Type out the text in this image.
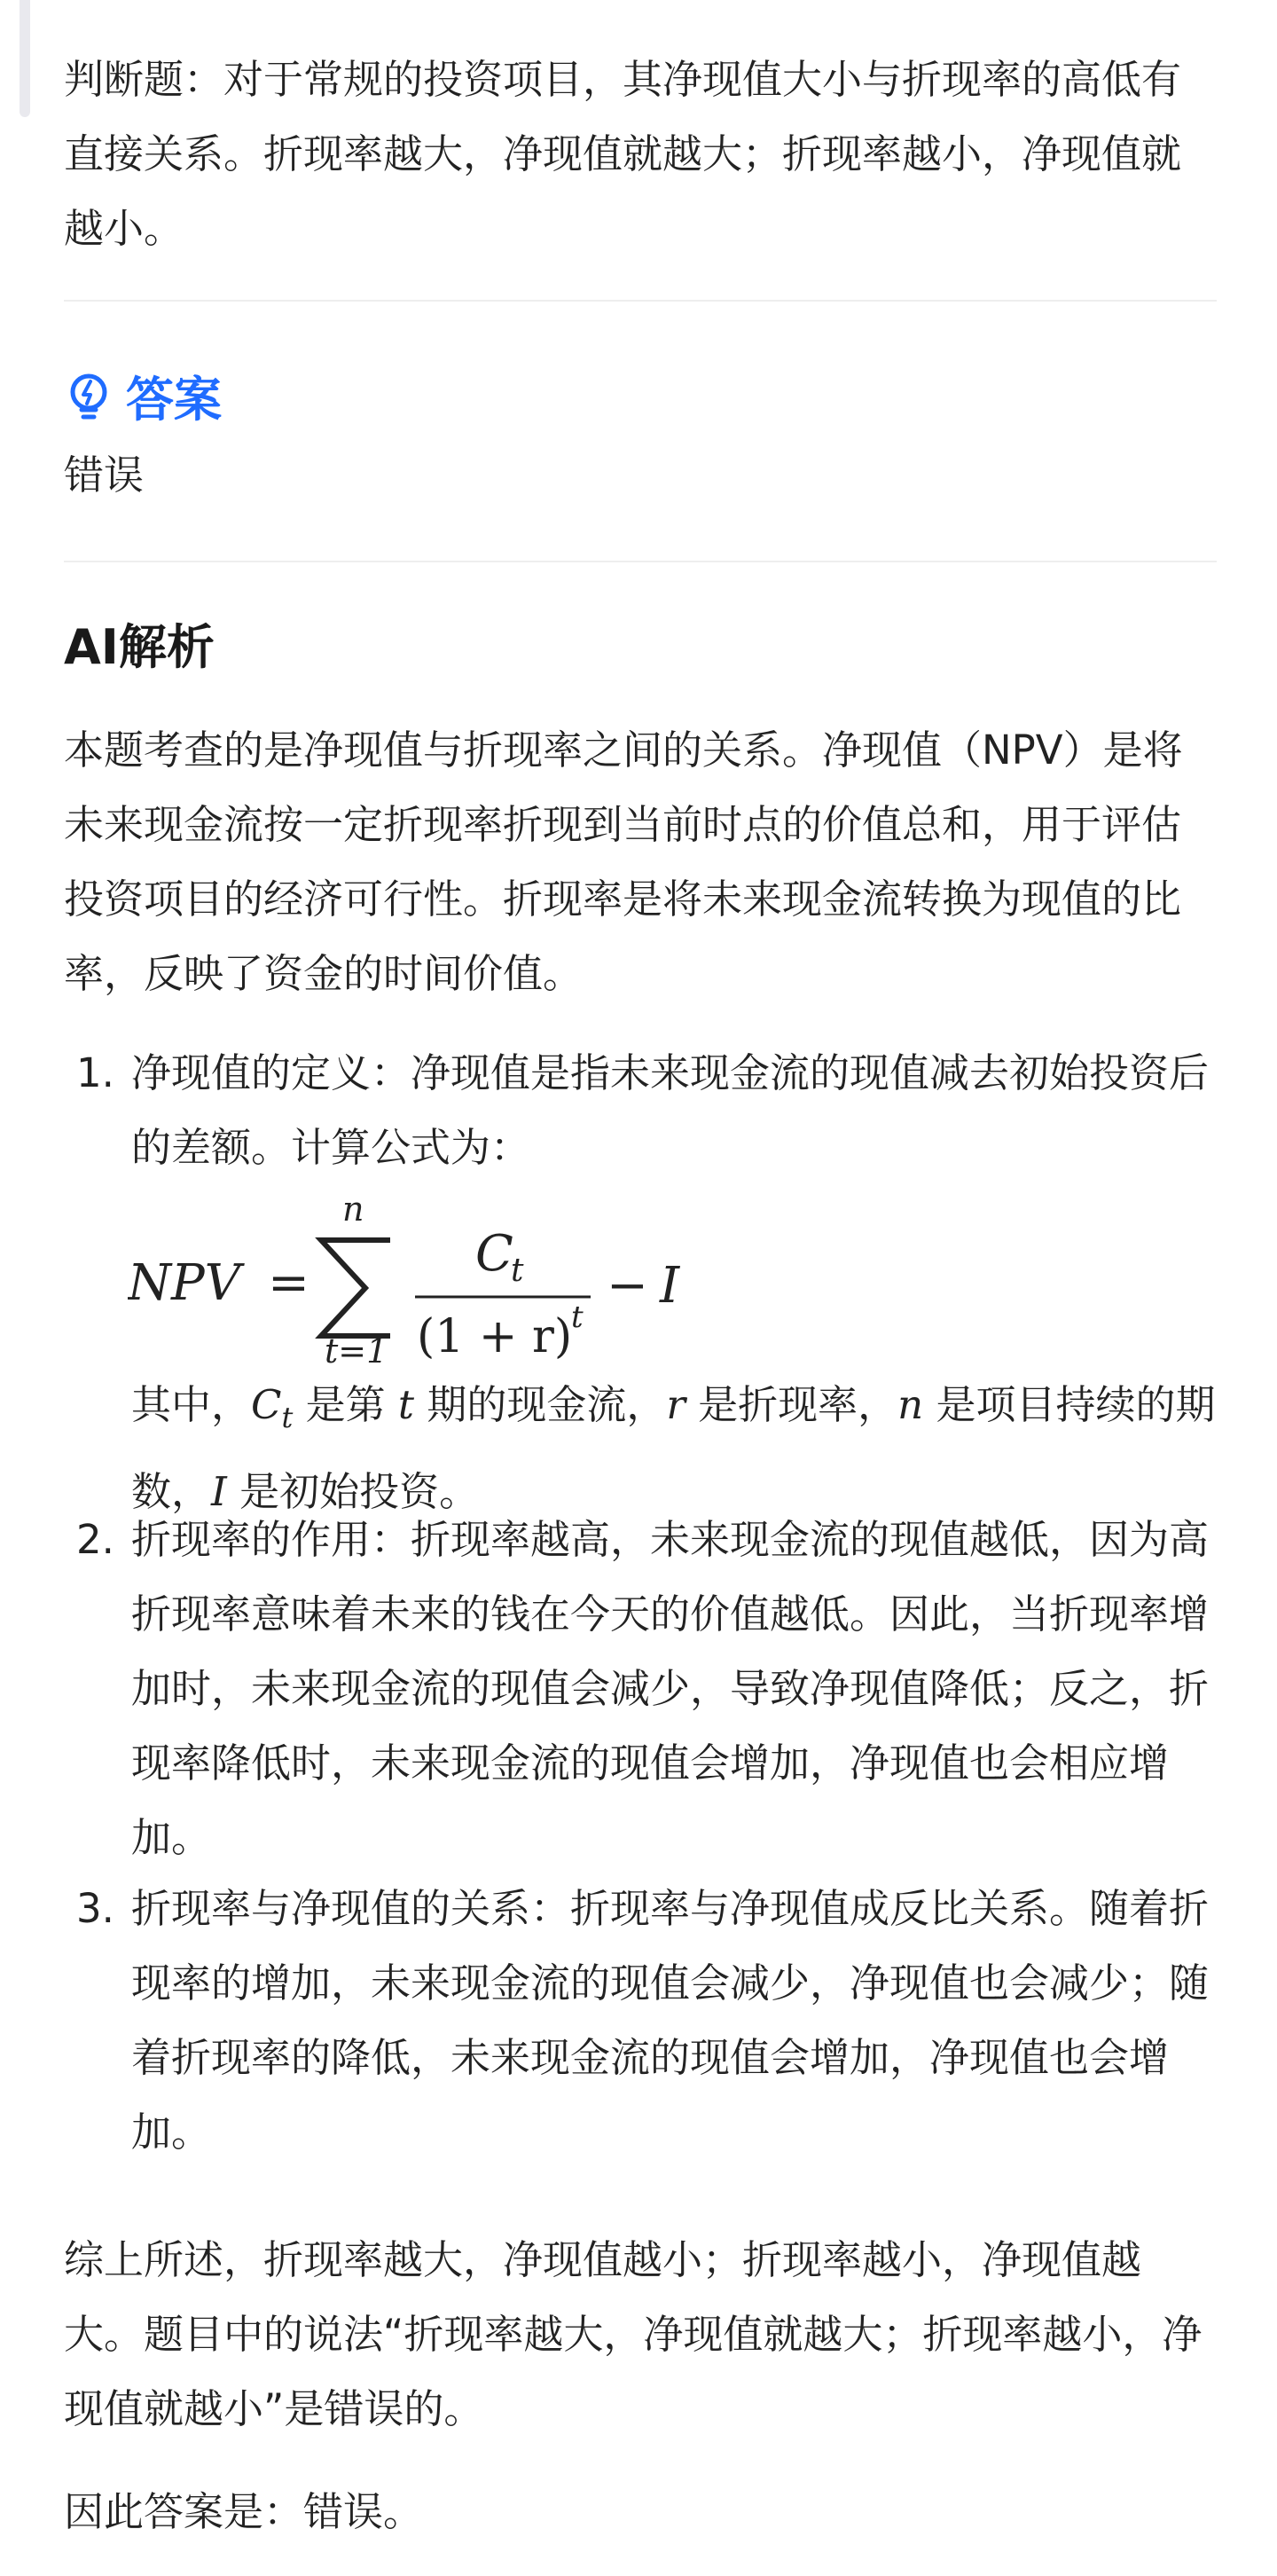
判断题：对于常规的投资项目，其净现值大小与折现率的高低有直接关系。折现率越大，净现值就越大；折现率越小，净现值就越小。
答案
错误
AI解析
本题考查的是净现值与折现率之间的关系。净现值（NPV）是将未来现金流按一定折现率折现到当前时点的价值总和，用于评估投资项目的经济可行性。折现率是将未来现金流转换为现值的比率，反映了资金的时间价值。
1. 净现值的定义：净现值是指未来现金流的现值减去初始投资后的差额。计算公式为：
NPV =
n
t=1
C
t
(1 + r)
t
− I
其中，$C_t$ 是第 t 期的现金流，r 是折现率，n 是项目持续的期数，I 是初始投资。
2. 折现率的作用：折现率越高，未来现金流的现值越低，因为高折现率意味着未来的钱在今天的价值越低。因此，当折现率增加时，未来现金流的现值会减少，导致净现值降低；反之，折现率降低时，未来现金流的现值会增加，净现值也会相应增加。
3. 折现率与净现值的关系：折现率与净现值成反比关系。随着折现率的增加，未来现金流的现值会减少，净现值也会减少；随着折现率的降低，未来现金流的现值会增加，净现值也会增加。
综上所述，折现率越大，净现值越小；折现率越小，净现值越大。题目中的说法“折现率越大，净现值就越大；折现率越小，净现值就越小”是错误的。
因此答案是：错误。
